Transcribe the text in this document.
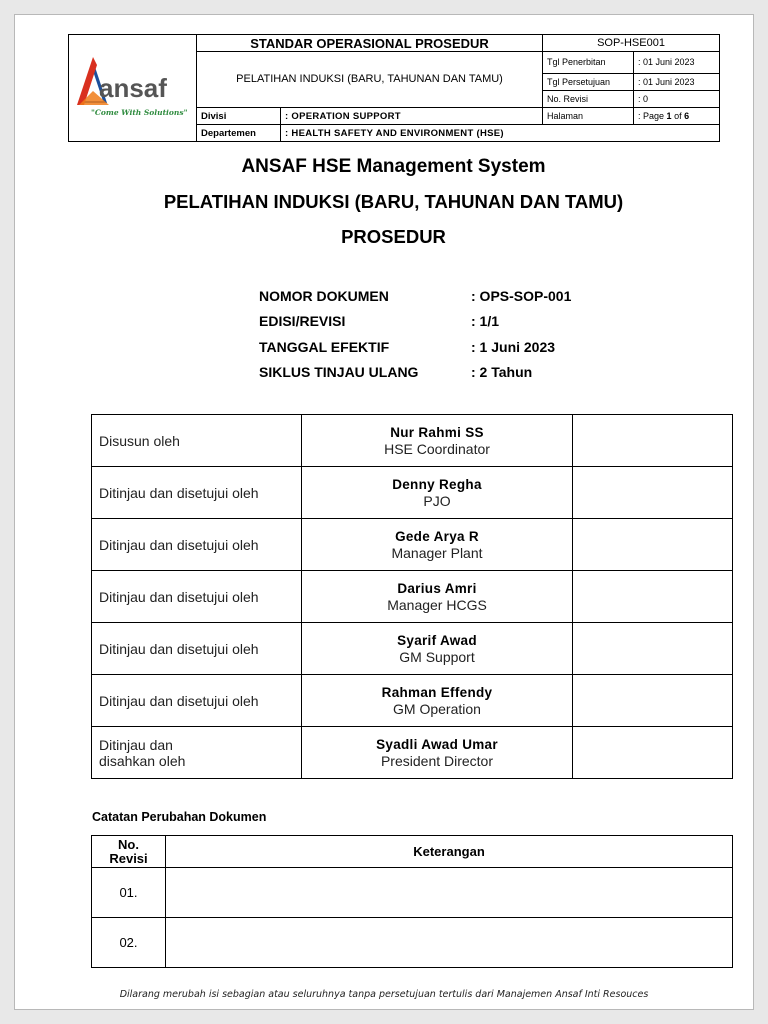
ansaf
"Come With Solutions"	STANDAR OPERASIONAL PROSEDUR		SOP-HSE001	
	PELATIHAN INDUKSI (BARU, TAHUNAN DAN TAMU)		Tgl Penerbitan	: 01 Juni 2023
			Tgl Persetujuan	: 01 Juni 2023
			No. Revisi	: 0
	Divisi	: OPERATION SUPPORT	Halaman	: Page 1 of 6
	Departemen	: HEALTH SAFETY AND ENVIRONMENT (HSE)		
ANSAF HSE Management System
PELATIHAN INDUKSI (BARU, TAHUNAN DAN TAMU)
PROSEDUR
NOMOR DOKUMEN	: OPS-SOP-001
EDISI/REVISI	: 1/1
TANGGAL EFEKTIF	: 1 Juni 2023
SIKLUS TINJAU ULANG	: 2 Tahun
Disusun oleh	Nur Rahmi SS
HSE Coordinator	

Ditinjau dan disetujui oleh	Denny Regha
PJO	

Ditinjau dan disetujui oleh	Gede Arya R
Manager Plant	

Ditinjau dan disetujui oleh	Darius Amri
Manager HCGS	

Ditinjau dan disetujui oleh	Syarif Awad
GM Support	

Ditinjau dan disetujui oleh	Rahman Effendy
GM Operation	

Ditinjau dan disahkan oleh	Syadli Awad Umar
President Director	

Catatan Perubahan Dokumen
No. Revisi	Keterangan
01.	
02.	
Dilarang merubah isi sebagian atau seluruhnya tanpa persetujuan tertulis dari Manajemen Ansaf Inti Resouces
